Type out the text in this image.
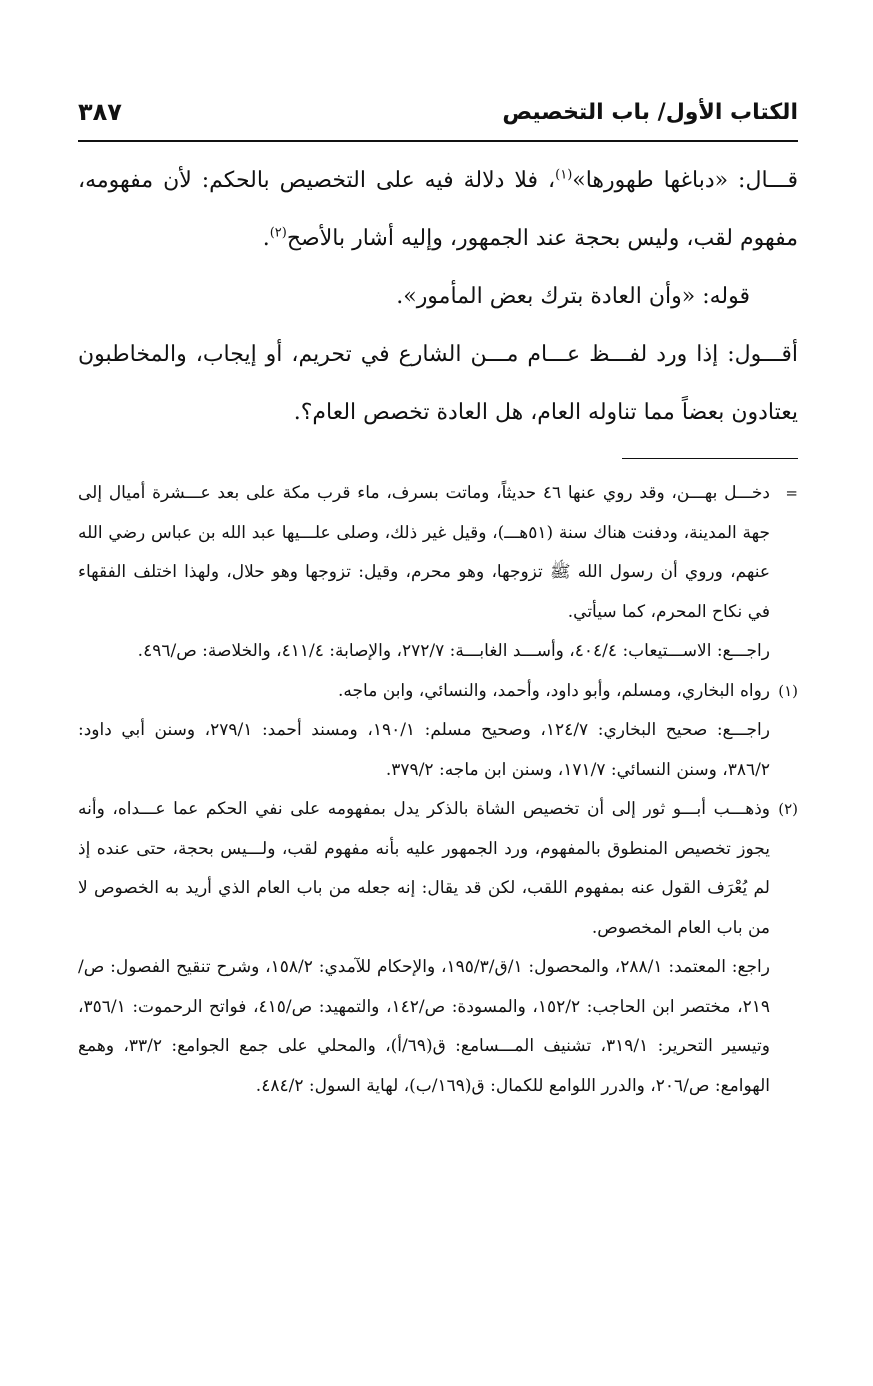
الكتاب الأول/ باب التخصيص
٣٨٧

قـــال: «دباغها طهورها»$^{(١)}$، فلا دلالة فيه على التخصيص بالحكم: لأن مفهومه، مفهوم لقب، وليس بحجة عند الجمهور، وإليه أشار بالأصح$^{(٢)}$.

قوله: «وأن العادة بترك بعض المأمور».

أقـــول: إذا ورد لفـــظ عـــام مـــن الشارع في تحريم، أو إيجاب، والمخاطبون يعتادون بعضاً مما تناوله العام، هل العادة تخصص العام؟.

=

دخـــل بهـــن، وقد روي عنها ٤٦ حديثاً، وماتت بسرف، ماء قرب مكة على بعد عـــشرة أميال إلى جهة المدينة، ودفنت هناك سنة (٥١هـــ)، وقيل غير ذلك، وصلى علـــيها عبد الله بن عباس رضي الله عنهم، وروي أن رسول الله ﷺ تزوجها، وهو محرم، وقيل: تزوجها وهو حلال، ولهذا اختلف الفقهاء في نكاح المحرم، كما سيأتي.

راجـــع: الاســـتيعاب: ٤٠٤/٤، وأســـد الغابـــة: ٢٧٢/٧، والإصابة: ٤١١/٤، والخلاصة: ص/٤٩٦.

(١)

رواه البخاري، ومسلم، وأبو داود، وأحمد، والنسائي، وابن ماجه.

راجـــع: صحيح البخاري: ١٢٤/٧، وصحيح مسلم: ١٩٠/١، ومسند أحمد: ٢٧٩/١، وسنن أبي داود: ٣٨٦/٢، وسنن النسائي: ١٧١/٧، وسنن ابن ماجه: ٣٧٩/٢.

(٢)

وذهـــب أبـــو ثور إلى أن تخصيص الشاة بالذكر يدل بمفهومه على نفي الحكم عما عـــداه، وأنه يجوز تخصيص المنطوق بالمفهوم، ورد الجمهور عليه بأنه مفهوم لقب، ولـــيس بحجة، حتى عنده إذ لم يُعْرَف القول عنه بمفهوم اللقب، لكن قد يقال: إنه جعله من باب العام الذي أريد به الخصوص لا من باب العام المخصوص.

راجع: المعتمد: ٢٨٨/١، والمحصول: ١/ق/١٩٥/٣، والإحكام للآمدي: ١٥٨/٢، وشرح تنقيح الفصول: ص/٢١٩، مختصر ابن الحاجب: ١٥٢/٢، والمسودة: ص/١٤٢، والتمهيد: ص/٤١٥، فواتح الرحموت: ٣٥٦/١، وتيسير التحرير: ٣١٩/١، تشنيف المـــسامع: ق(٦٩/أ)، والمحلي على جمع الجوامع: ٣٣/٢، وهمع الهوامع: ص/٢٠٦، والدرر اللوامع للكمال: ق(١٦٩/ب)، لهاية السول: ٤٨٤/٢.
